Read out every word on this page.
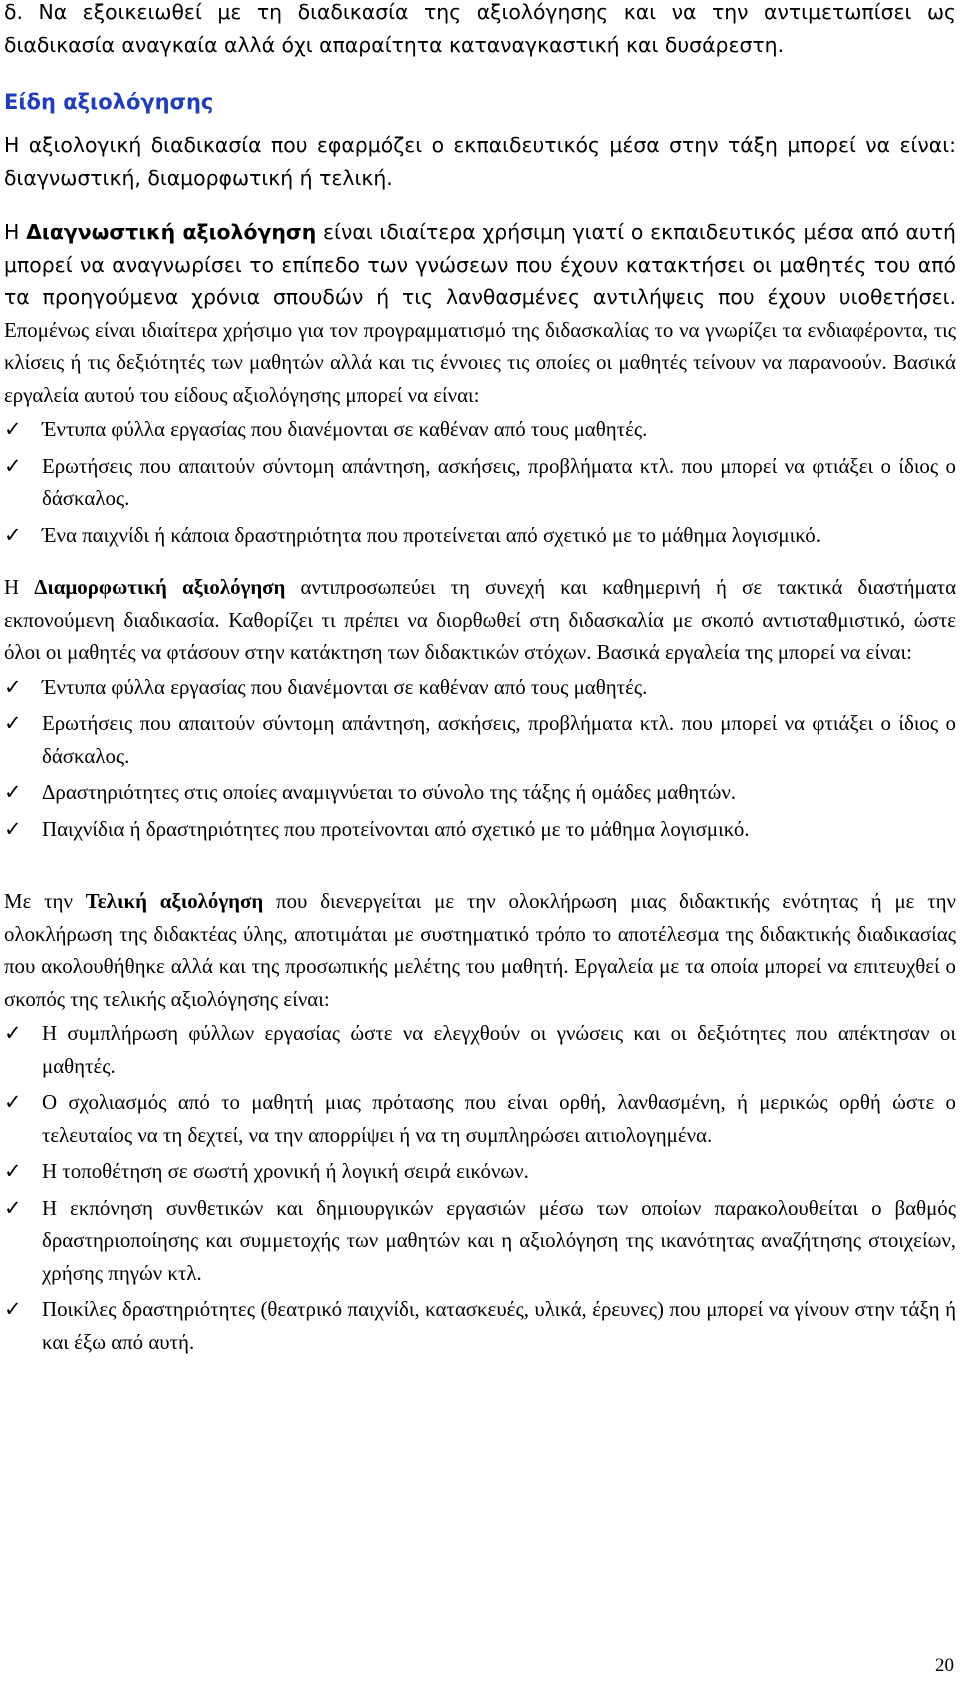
δ. Να εξοικειωθεί με τη διαδικασία της αξιολόγησης και να την αντιμετωπίσει ως διαδικασία αναγκαία αλλά όχι απαραίτητα καταναγκαστική και δυσάρεστη.

Είδη αξιολόγησης

Η αξιολογική διαδικασία που εφαρμόζει ο εκπαιδευτικός μέσα στην τάξη μπορεί να είναι: διαγνωστική, διαμορφωτική ή τελική.

Η Διαγνωστική αξιολόγηση είναι ιδιαίτερα χρήσιμη γιατί ο εκπαιδευτικός μέσα από αυτή μπορεί να αναγνωρίσει το επίπεδο των γνώσεων που έχουν κατακτήσει οι μαθητές του από τα προηγούμενα χρόνια σπουδών ή τις λανθασμένες αντιλήψεις που έχουν υιοθετήσει. Επομένως είναι ιδιαίτερα χρήσιμο για τον προγραμματισμό της διδασκαλίας το να γνωρίζει τα ενδιαφέροντα, τις κλίσεις ή τις δεξιότητές των μαθητών αλλά και τις έννοιες τις οποίες οι μαθητές τείνουν να παρανοούν. Βασικά εργαλεία αυτού του είδους αξιολόγησης μπορεί να είναι:

✓ Έντυπα φύλλα εργασίας που διανέμονται σε καθέναν από τους μαθητές.
✓ Ερωτήσεις που απαιτούν σύντομη απάντηση, ασκήσεις, προβλήματα κτλ. που μπορεί να φτιάξει ο ίδιος ο δάσκαλος.
✓ Ένα παιχνίδι ή κάποια δραστηριότητα που προτείνεται από σχετικό με το μάθημα λογισμικό.

Η Διαμορφωτική αξιολόγηση αντιπροσωπεύει τη συνεχή και καθημερινή ή σε τακτικά διαστήματα εκπονούμενη διαδικασία. Καθορίζει τι πρέπει να διορθωθεί στη διδασκαλία με σκοπό αντισταθμιστικό, ώστε όλοι οι μαθητές να φτάσουν στην κατάκτηση των διδακτικών στόχων. Βασικά εργαλεία της μπορεί να είναι:

✓ Έντυπα φύλλα εργασίας που διανέμονται σε καθέναν από τους μαθητές.
✓ Ερωτήσεις που απαιτούν σύντομη απάντηση, ασκήσεις, προβλήματα κτλ. που μπορεί να φτιάξει ο ίδιος ο δάσκαλος.
✓ Δραστηριότητες στις οποίες αναμιγνύεται το σύνολο της τάξης ή ομάδες μαθητών.
✓ Παιχνίδια ή δραστηριότητες που προτείνονται από σχετικό με το μάθημα λογισμικό.

Με την Τελική αξιολόγηση που διενεργείται με την ολοκλήρωση μιας διδακτικής ενότητας ή με την ολοκλήρωση της διδακτέας ύλης, αποτιμάται με συστηματικό τρόπο το αποτέλεσμα της διδακτικής διαδικασίας που ακολουθήθηκε αλλά και της προσωπικής μελέτης του μαθητή. Εργαλεία με τα οποία μπορεί να επιτευχθεί ο σκοπός της τελικής αξιολόγησης είναι:

✓ Η συμπλήρωση φύλλων εργασίας ώστε να ελεγχθούν οι γνώσεις και οι δεξιότητες που απέκτησαν οι μαθητές.
✓ Ο σχολιασμός από το μαθητή μιας πρότασης που είναι ορθή, λανθασμένη, ή μερικώς ορθή ώστε ο τελευταίος να τη δεχτεί, να την απορρίψει ή να τη συμπληρώσει αιτιολογημένα.
✓ Η τοποθέτηση σε σωστή χρονική ή λογική σειρά εικόνων.
✓ Η εκπόνηση συνθετικών και δημιουργικών εργασιών μέσω των οποίων παρακολουθείται ο βαθμός δραστηριοποίησης και συμμετοχής των μαθητών και η αξιολόγηση της ικανότητας αναζήτησης στοιχείων, χρήσης πηγών κτλ.
✓ Ποικίλες δραστηριότητες (θεατρικό παιχνίδι, κατασκευές, υλικά, έρευνες) που μπορεί να γίνουν στην τάξη ή και έξω από αυτή.
20
